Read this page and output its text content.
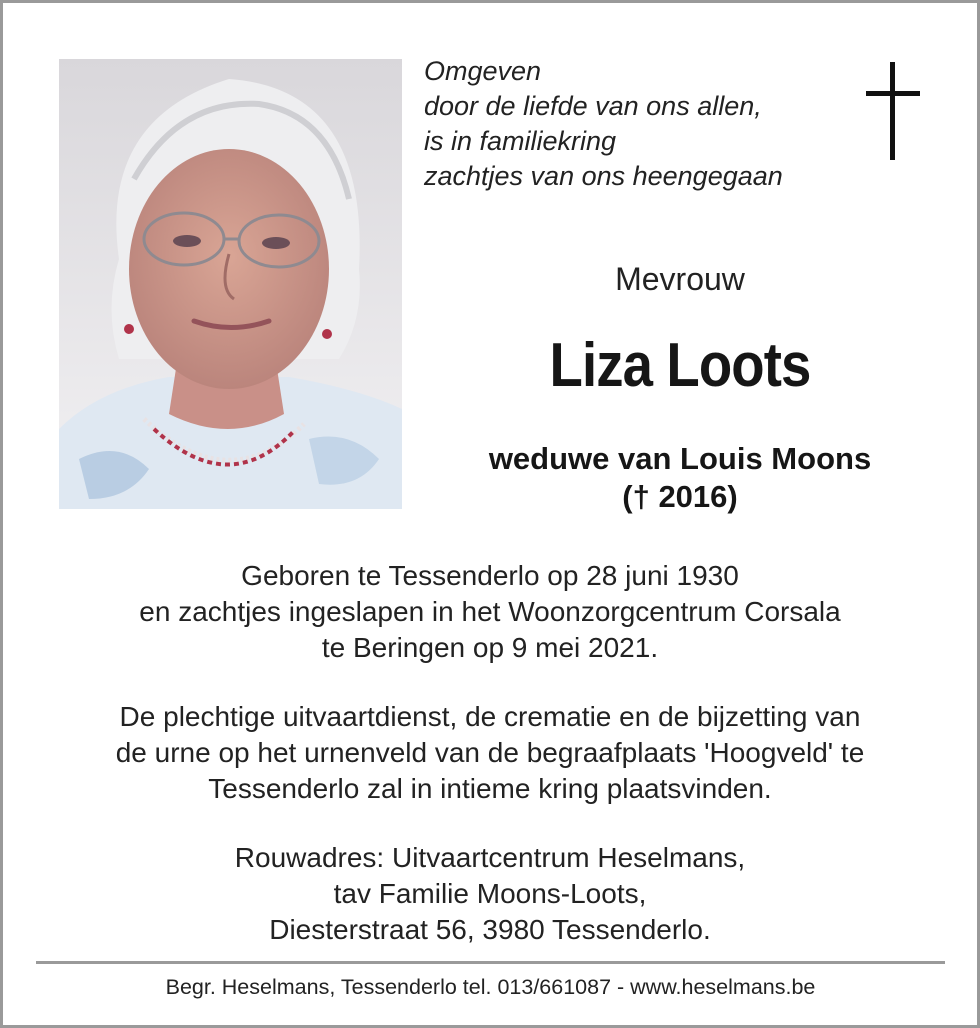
Omgeven
door de liefde van ons allen,
is in familiekring
zachtjes van ons heengegaan
Mevrouw
Liza Loots
weduwe van Louis Moons
(† 2016)
Geboren te Tessenderlo op 28 juni 1930
en zachtjes ingeslapen in het Woonzorgcentrum Corsala
te Beringen op 9 mei 2021.
De plechtige uitvaartdienst, de crematie en de bijzetting van
de urne op het urnenveld van de begraafplaats 'Hoogveld' te
Tessenderlo zal in intieme kring plaatsvinden.
Rouwadres: Uitvaartcentrum Heselmans,
tav Familie Moons-Loots,
Diesterstraat 56, 3980 Tessenderlo.
Begr. Heselmans, Tessenderlo tel. 013/661087 - www.heselmans.be
